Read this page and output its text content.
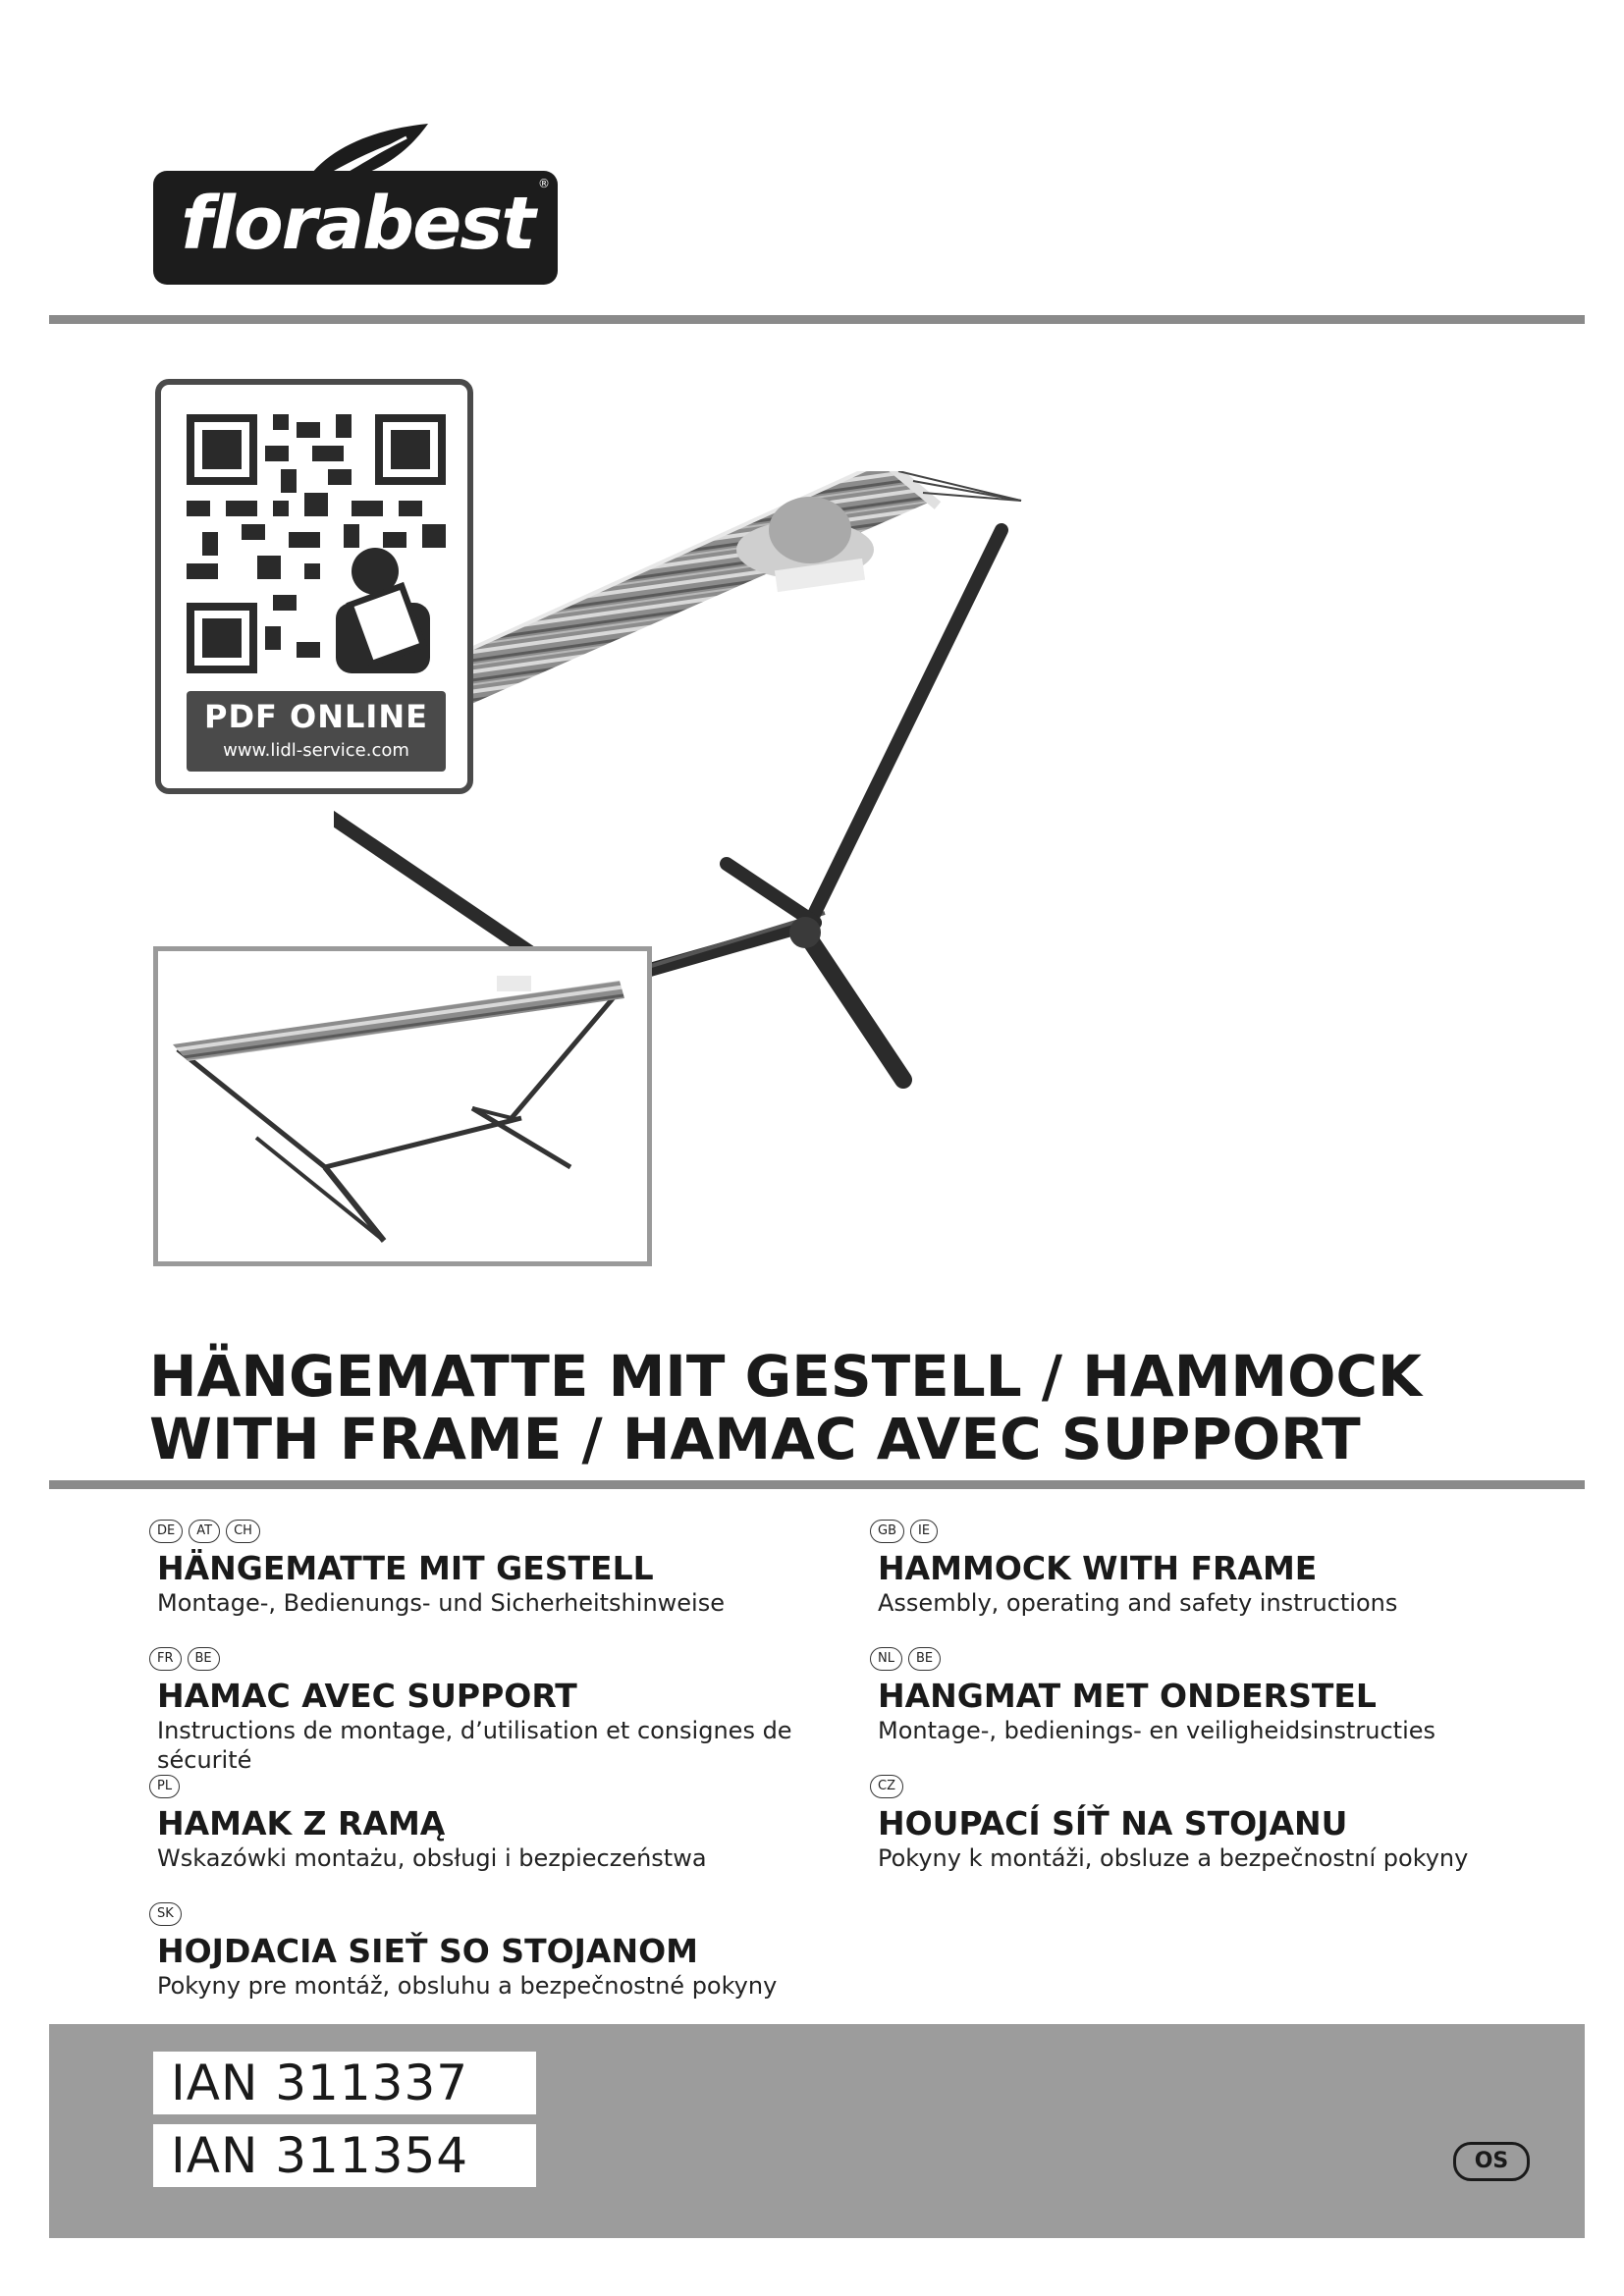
florabest ®
PDF ONLINE
www.lidl-service.com
HÄNGEMATTE MIT GESTELL / HAMMOCK
WITH FRAME / HAMAC AVEC SUPPORT
DE AT CH
HÄNGEMATTE MIT GESTELL
Montage-, Bedienungs- und Sicherheitshinweise
GB IE
HAMMOCK WITH FRAME
Assembly, operating and safety instructions
FR BE
HAMAC AVEC SUPPORT
Instructions de montage, d’utilisation et consignes de sécurité
NL BE
HANGMAT MET ONDERSTEL
Montage-, bedienings- en veiligheidsinstructies
PL
HAMAK Z RAMĄ
Wskazówki montażu, obsługi i bezpieczeństwa
CZ
HOUPACÍ SÍŤ NA STOJANU
Pokyny k montáži, obsluze a bezpečnostní pokyny
SK
HOJDACIA SIEŤ SO STOJANOM
Pokyny pre montáž, obsluhu a bezpečnostné pokyny
IAN 311337
IAN 311354	OS
